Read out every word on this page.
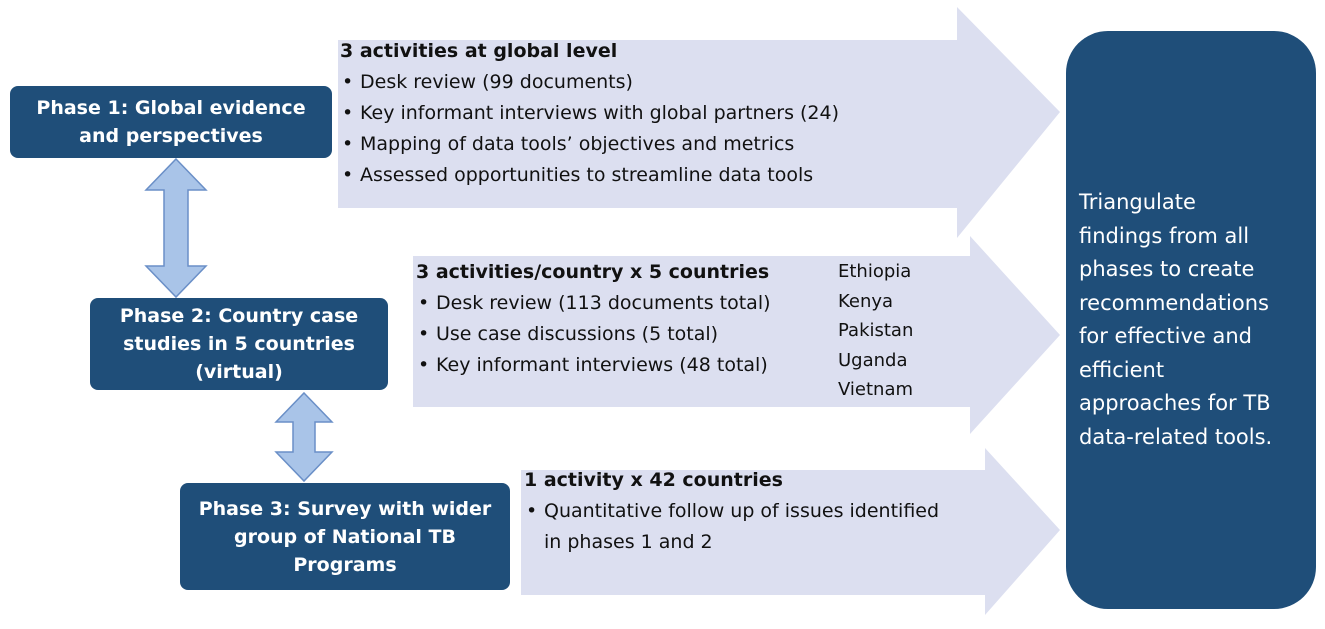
Phase 1: Global evidence
and perspectives
Phase 2: Country case
studies in 5 countries
(virtual)
Phase 3: Survey with wider
group of National TB
Programs
3 activities at global level
• Desk review (99 documents)
• Key informant interviews with global partners (24)
• Mapping of data tools’ objectives and metrics
• Assessed opportunities to streamline data tools
3 activities/country x 5 countries
• Desk review (113 documents total)
• Use case discussions (5 total)
• Key informant interviews (48 total)
Ethiopia
Kenya
Pakistan
Uganda
Vietnam
1 activity x 42 countries
• Quantitative follow up of issues identified
in phases 1 and 2
Triangulate
findings from all
phases to create
recommendations
for effective and
efficient
approaches for TB
data-related tools.
